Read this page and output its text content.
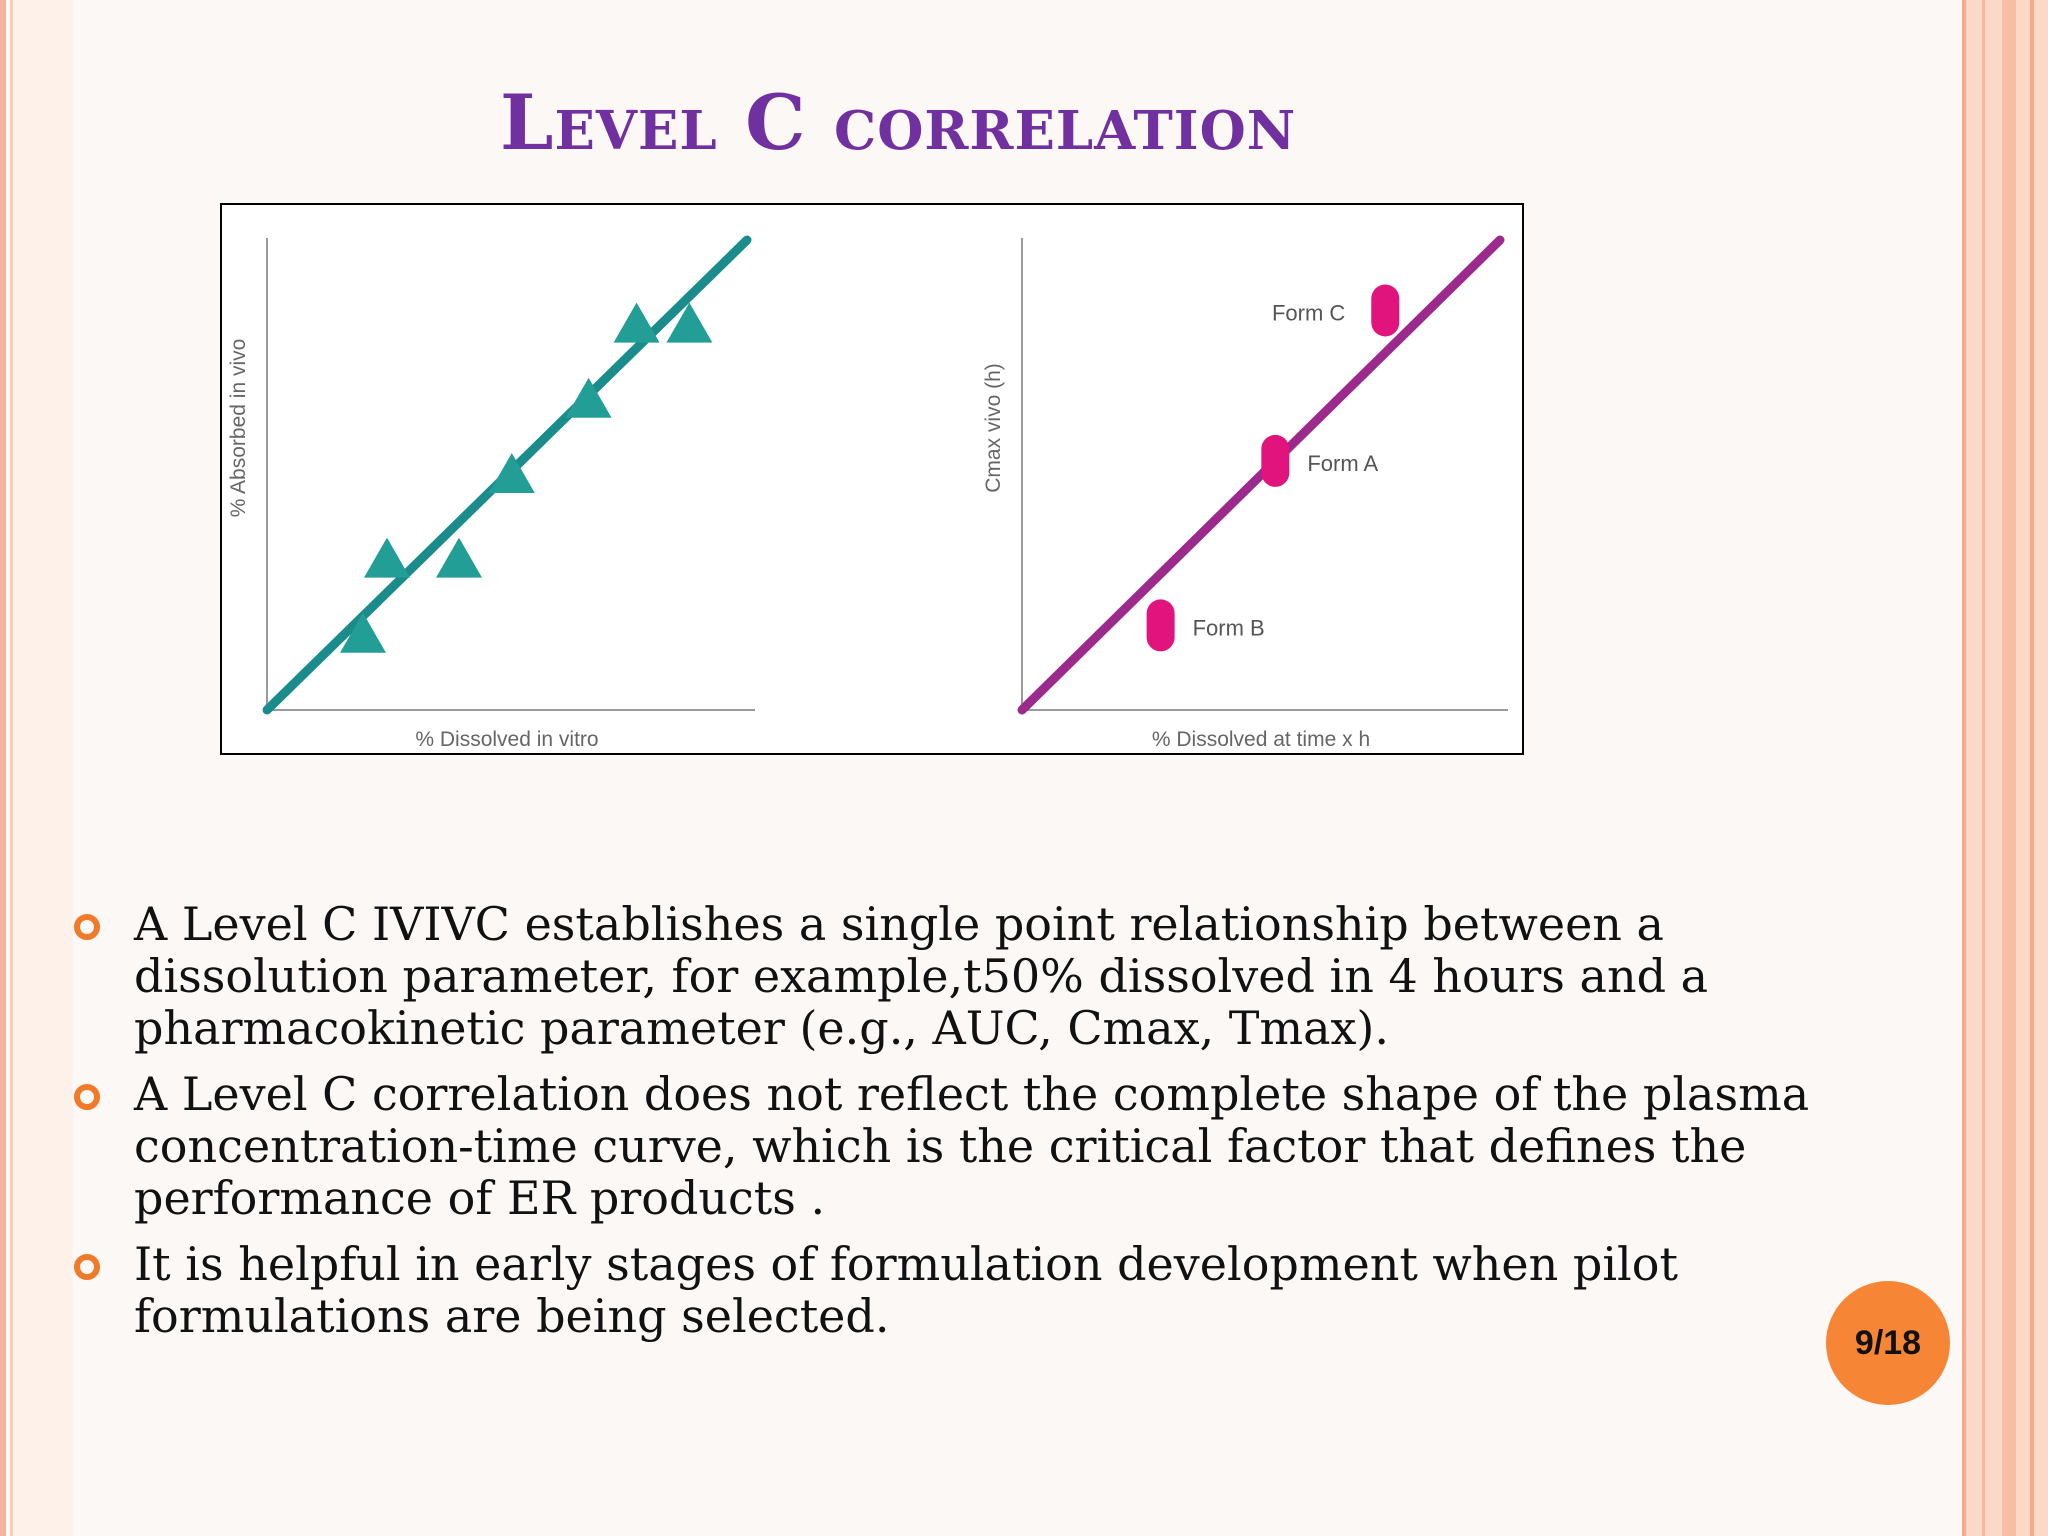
Level C correlation
% Dissolved in vitro
% Absorbed in vivo
Form B
Form A
Form C
% Dissolved at time x h
Cmax vivo (h)
A Level C IVIVC establishes a single point relationship between a dissolution parameter, for example,t50% dissolved in 4 hours and a pharmacokinetic parameter (e.g., AUC, Cmax, Tmax).
A Level C correlation does not reflect the complete shape of the plasma concentration-time curve, which is the critical factor that defines the performance of ER products .
It is helpful in early stages of formulation development when pilot formulations are being selected.	9/18
